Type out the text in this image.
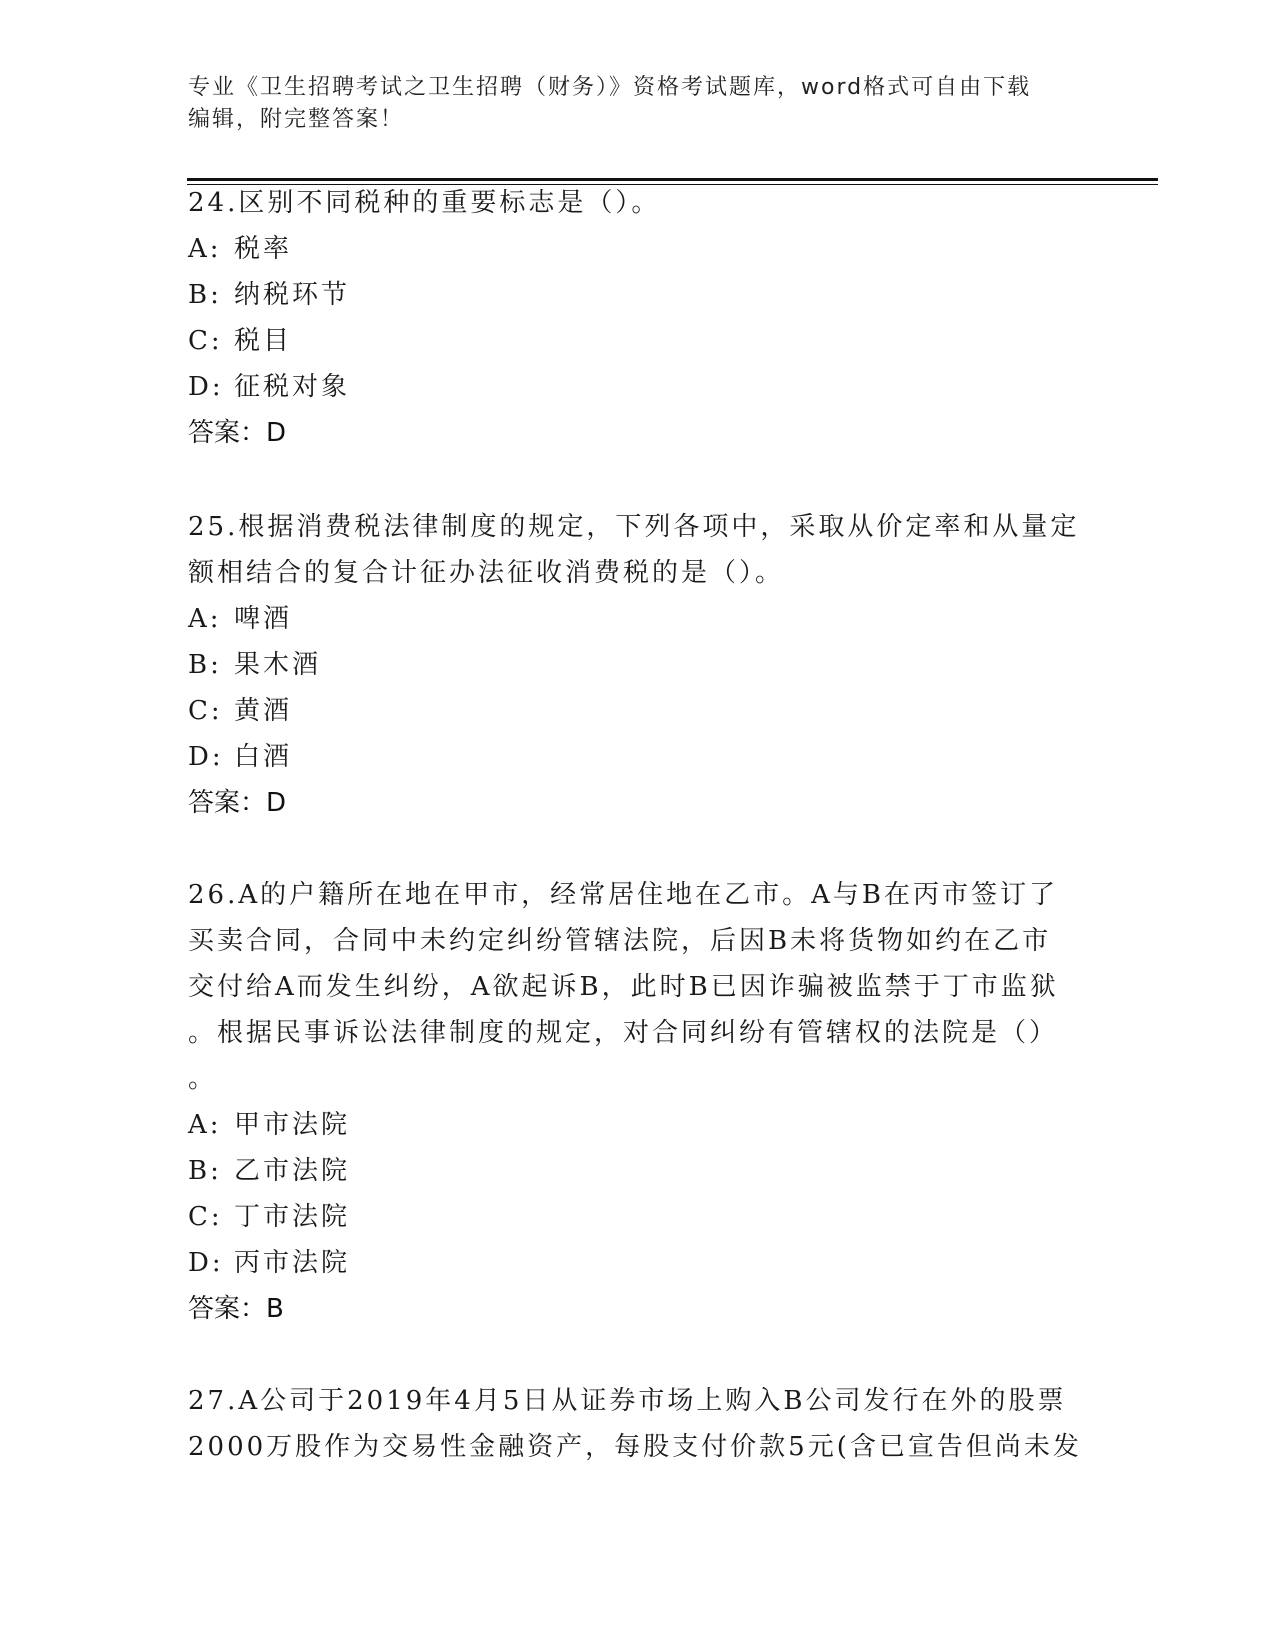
专业《卫生招聘考试之卫生招聘（财务）》资格考试题库，word格式可自由下载
编辑，附完整答案！
24.区别不同税种的重要标志是（）。
A: 税率
B: 纳税环节
C: 税目
D: 征税对象
答案：D
25.根据消费税法律制度的规定，下列各项中，采取从价定率和从量定
额相结合的复合计征办法征收消费税的是（）。
A: 啤酒
B: 果木酒
C: 黄酒
D: 白酒
答案：D
26.A的户籍所在地在甲市，经常居住地在乙市。A与B在丙市签订了
买卖合同，合同中未约定纠纷管辖法院，后因B未将货物如约在乙市
交付给A而发生纠纷，A欲起诉B，此时B已因诈骗被监禁于丁市监狱
。根据民事诉讼法律制度的规定，对合同纠纷有管辖权的法院是（）
。
A: 甲市法院
B: 乙市法院
C: 丁市法院
D: 丙市法院
答案：B
27.A公司于2019年4月5日从证券市场上购入B公司发行在外的股票
2000万股作为交易性金融资产，每股支付价款5元(含已宣告但尚未发
